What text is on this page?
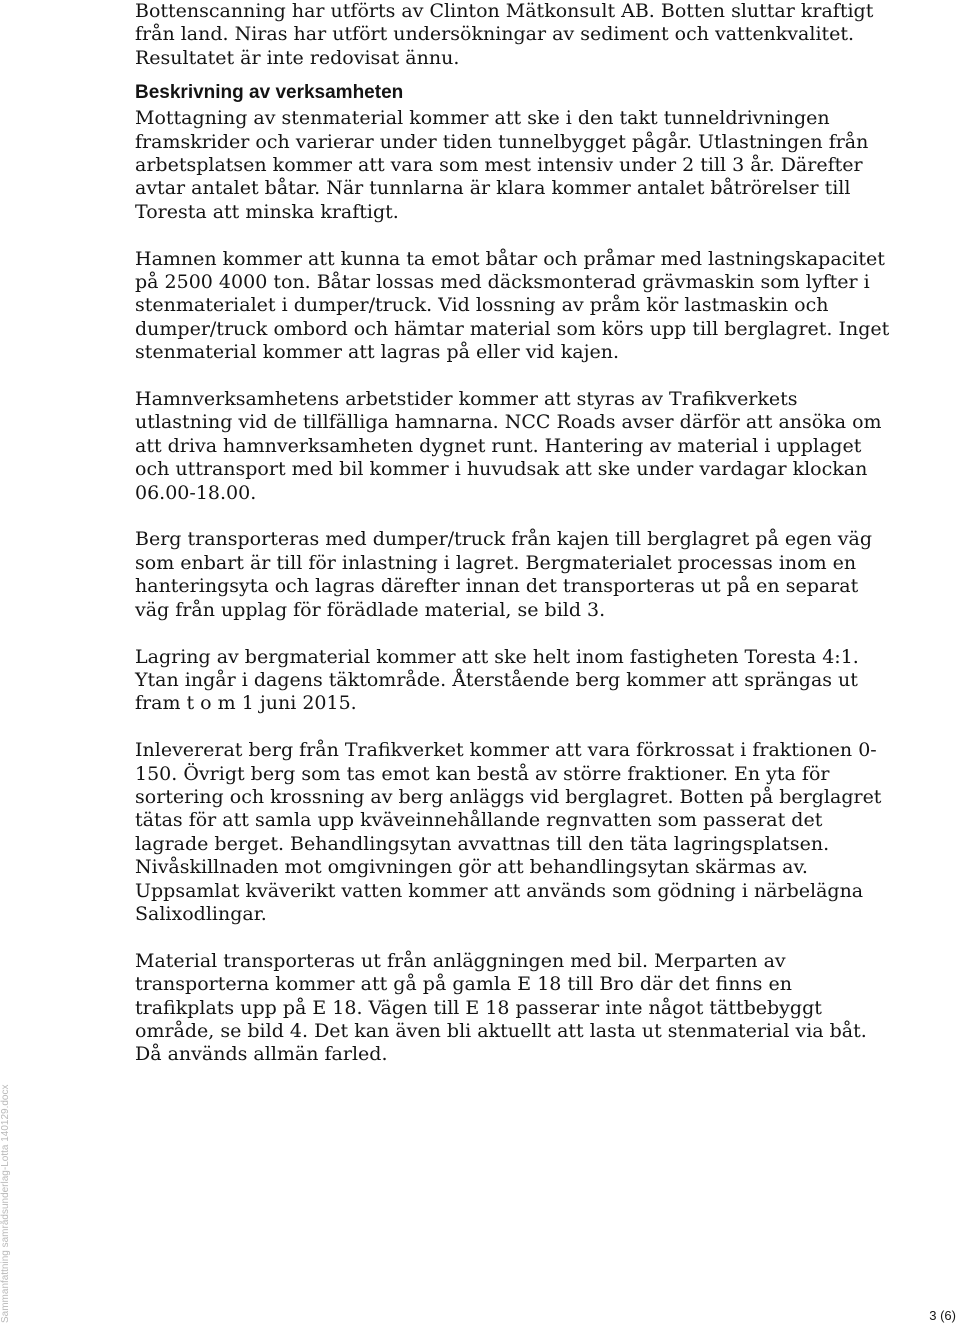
Bottenscanning har utförts av Clinton Mätkonsult AB. Botten sluttar kraftigt från land. Niras har utfört undersökningar av sediment och vattenkvalitet. Resultatet är inte redovisat ännu.

Beskrivning av verksamheten

Mottagning av stenmaterial kommer att ske i den takt tunneldrivningen framskrider och varierar under tiden tunnelbygget pågår. Utlastningen från arbetsplatsen kommer att vara som mest intensiv under 2 till 3 år. Därefter avtar antalet båtar. När tunnlarna är klara kommer antalet båtrörelser till Toresta att minska kraftigt.

Hamnen kommer att kunna ta emot båtar och pråmar med lastningskapacitet på 2500 4000 ton. Båtar lossas med däcksmonterad grävmaskin som lyfter i stenmaterialet i dumper/truck. Vid lossning av pråm kör lastmaskin och dumper/truck ombord och hämtar material som körs upp till berglagret. Inget stenmaterial kommer att lagras på eller vid kajen.

Hamnverksamhetens arbetstider kommer att styras av Trafikverkets utlastning vid de tillfälliga hamnarna. NCC Roads avser därför att ansöka om att driva hamnverksamheten dygnet runt. Hantering av material i upplaget och uttransport med bil kommer i huvudsak att ske under vardagar klockan 06.00-18.00.

Berg transporteras med dumper/truck från kajen till berglagret på egen väg som enbart är till för inlastning i lagret. Bergmaterialet processas inom en hanteringsyta och lagras därefter innan det transporteras ut på en separat väg från upplag för förädlade material, se bild 3.

Lagring av bergmaterial kommer att ske helt inom fastigheten Toresta 4:1. Ytan ingår i dagens täktområde. Återstående berg kommer att sprängas ut fram t o m 1 juni 2015.

Inlevererat berg från Trafikverket kommer att vara förkrossat i fraktionen 0-150. Övrigt berg som tas emot kan bestå av större fraktioner. En yta för sortering och krossning av berg anläggs vid berglagret. Botten på berglagret tätas för att samla upp kväveinnehållande regnvatten som passerat det lagrade berget. Behandlingsytan avvattnas till den täta lagringsplatsen. Nivåskillnaden mot omgivningen gör att behandlingsytan skärmas av. Uppsamlat kväverikt vatten kommer att används som gödning i närbelägna Salixodlingar.

Material transporteras ut från anläggningen med bil. Merparten av transporterna kommer att gå på gamla E 18 till Bro där det finns en trafikplats upp på E 18. Vägen till E 18 passerar inte något tättbebyggt område, se bild 4. Det kan även bli aktuellt att lasta ut stenmaterial via båt. Då används allmän farled.

Sammanfattning samrådsunderlag-Lotta 140129.docx	3 (6)
